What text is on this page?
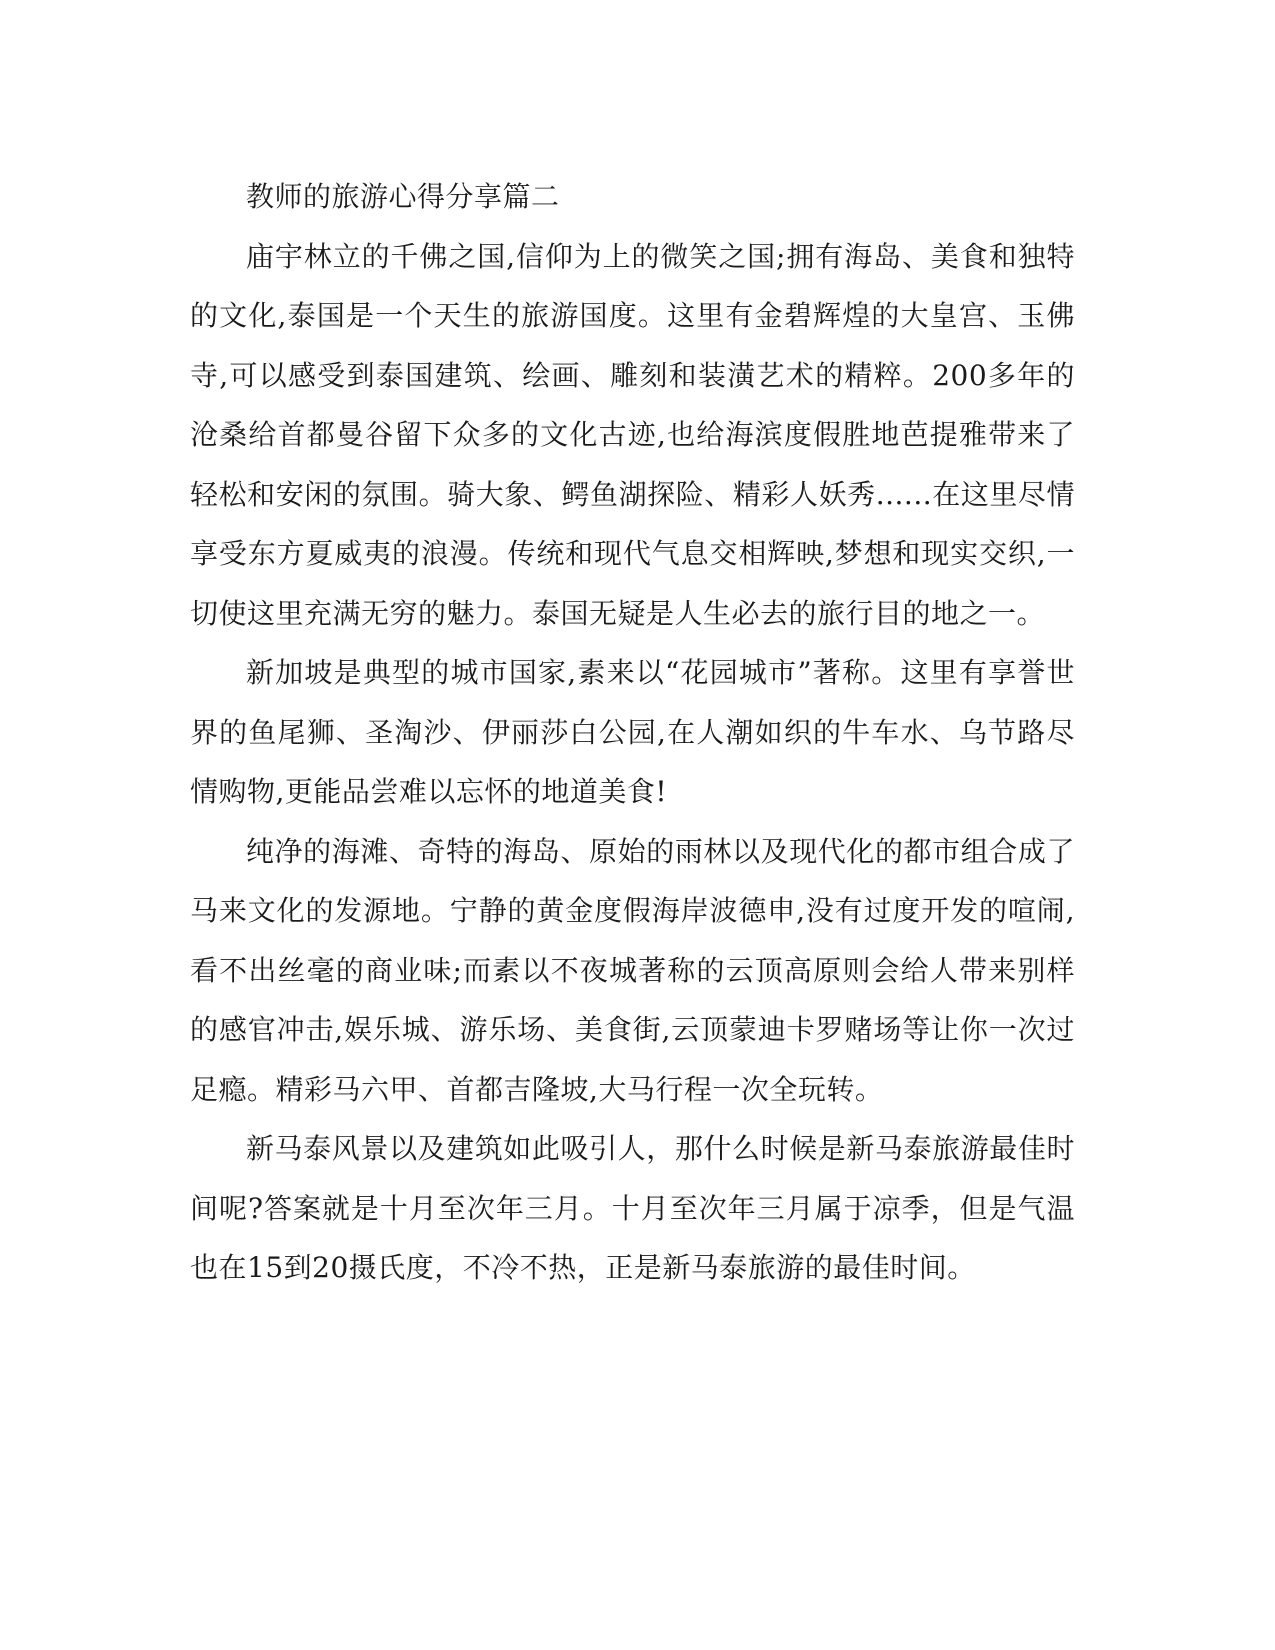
教师的旅游心得分享篇二

庙宇林立的千佛之国,信仰为上的微笑之国;拥有海岛、美食和独特的文化,泰国是一个天生的旅游国度。这里有金碧辉煌的大皇宫、玉佛寺,可以感受到泰国建筑、绘画、雕刻和装潢艺术的精粹。200多年的沧桑给首都曼谷留下众多的文化古迹,也给海滨度假胜地芭提雅带来了轻松和安闲的氛围。骑大象、鳄鱼湖探险、精彩人妖秀......在这里尽情享受东方夏威夷的浪漫。传统和现代气息交相辉映,梦想和现实交织,一切使这里充满无穷的魅力。泰国无疑是人生必去的旅行目的地之一。

新加坡是典型的城市国家,素来以“花园城市”著称。这里有享誉世界的鱼尾狮、圣淘沙、伊丽莎白公园,在人潮如织的牛车水、乌节路尽情购物,更能品尝难以忘怀的地道美食!

纯净的海滩、奇特的海岛、原始的雨林以及现代化的都市组合成了马来文化的发源地。宁静的黄金度假海岸波德申,没有过度开发的喧闹,看不出丝毫的商业味;而素以不夜城著称的云顶高原则会给人带来别样的感官冲击,娱乐城、游乐场、美食街,云顶蒙迪卡罗赌场等让你一次过足瘾。精彩马六甲、首都吉隆坡,大马行程一次全玩转。

新马泰风景以及建筑如此吸引人，那什么时候是新马泰旅游最佳时间呢?答案就是十月至次年三月。十月至次年三月属于凉季，但是气温也在15到20摄氏度，不冷不热，正是新马泰旅游的最佳时间。
